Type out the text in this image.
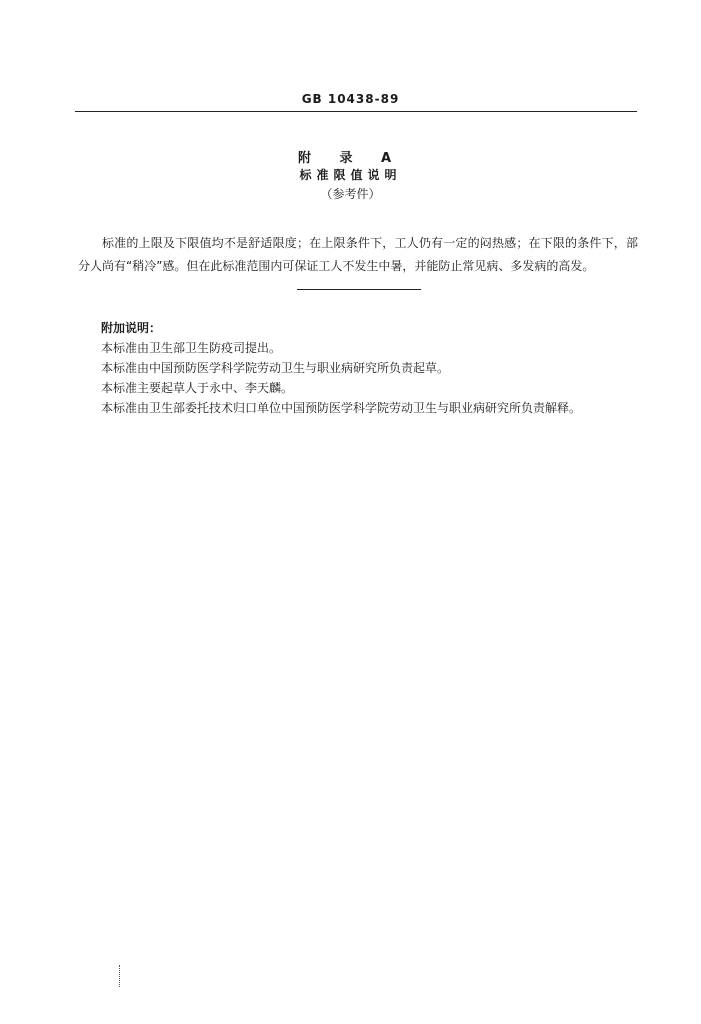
GB 10438-89
附 录 A
标准限值说明
（参考件）

标准的上限及下限值均不是舒适限度；在上限条件下，工人仍有一定的闷热感；在下限的条件下，部分人尚有“稍冷”感。但在此标准范围内可保证工人不发生中暑，并能防止常见病、多发病的高发。

附加说明：
本标准由卫生部卫生防疫司提出。
本标准由中国预防医学科学院劳动卫生与职业病研究所负责起草。
本标准主要起草人于永中、李天麟。
本标准由卫生部委托技术归口单位中国预防医学科学院劳动卫生与职业病研究所负责解释。
